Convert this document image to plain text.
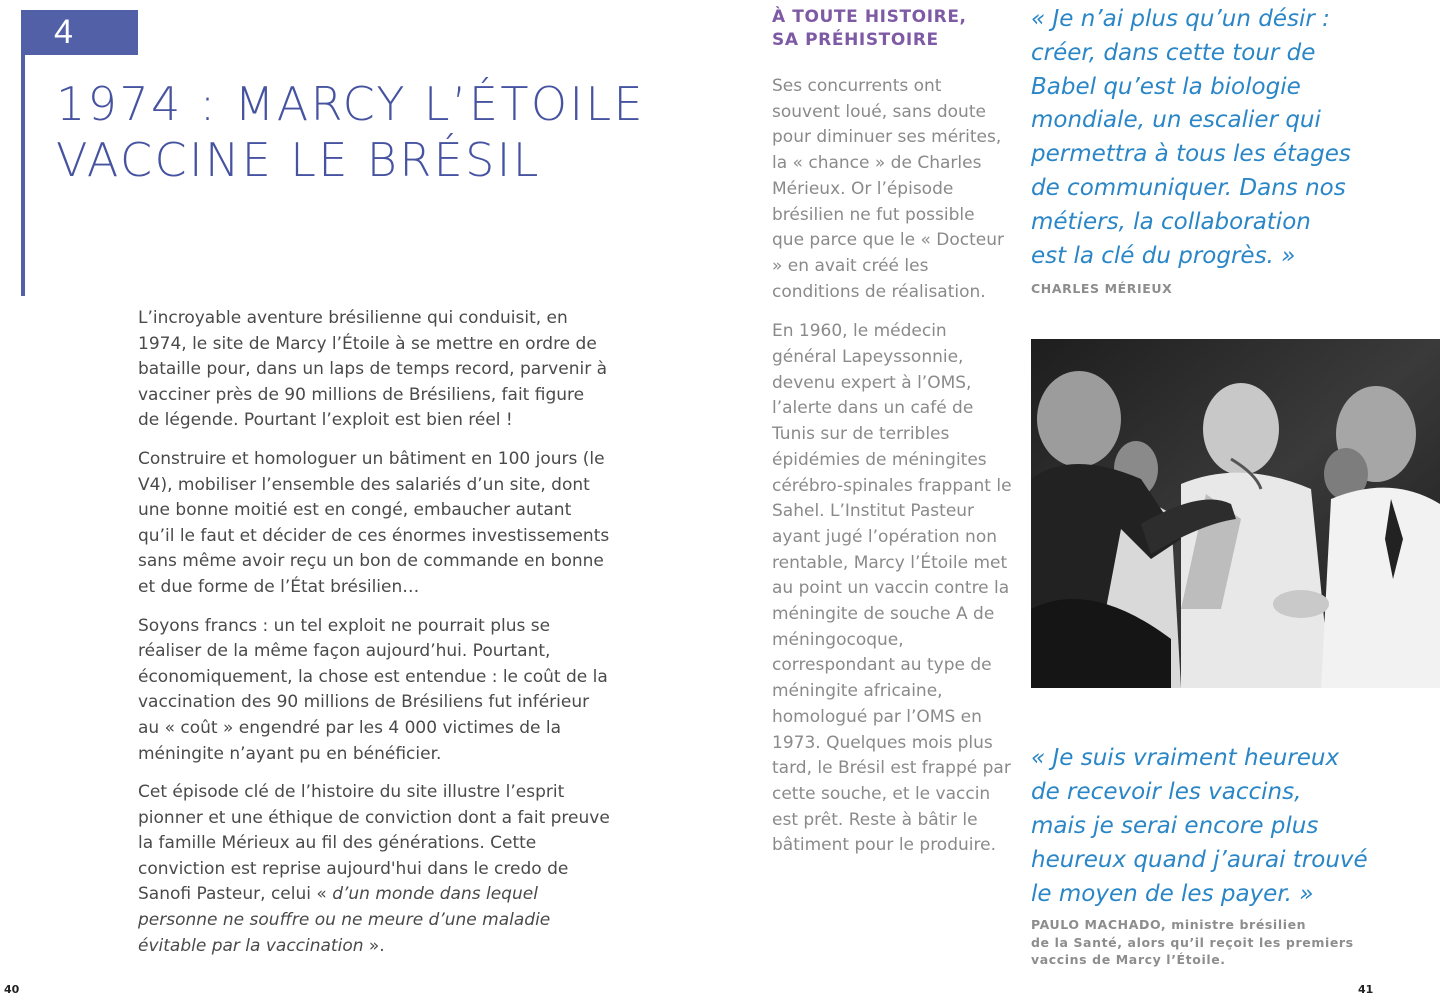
4
1974 : MARCY L’ÉTOILE
VACCINE LE BRÉSIL

L’incroyable aventure brésilienne qui conduisit, en 1974, le site de Marcy l’Étoile à se mettre en ordre de bataille pour, dans un laps de temps record, parvenir à vacciner près de 90 millions de Brésiliens, fait figure de légende. Pourtant l’exploit est bien réel !

Construire et homologuer un bâtiment en 100 jours (le V4), mobiliser l’ensemble des salariés d’un site, dont une bonne moitié est en congé, embaucher autant qu’il le faut et décider de ces énormes investissements sans même avoir reçu un bon de commande en bonne et due forme de l’État brésilien…

Soyons francs : un tel exploit ne pourrait plus se réaliser de la même façon aujourd’hui. Pourtant, économiquement, la chose est entendue : le coût de la vaccination des 90 millions de Brésiliens fut inférieur au « coût » engendré par les 4 000 victimes de la méningite n’ayant pu en bénéficier.

Cet épisode clé de l’histoire du site illustre l’esprit pionner et une éthique de conviction dont a fait preuve la famille Mérieux au fil des générations. Cette conviction est reprise aujourd'hui dans le credo de Sanofi Pasteur, celui « d’un monde dans lequel personne ne souffre ou ne meure d’une maladie évitable par la vaccination ».

À TOUTE HISTOIRE,
SA PRÉHISTOIRE

Ses concurrents ont souvent loué, sans doute pour diminuer ses mérites, la « chance » de Charles Mérieux. Or l’épisode brésilien ne fut possible que parce que le « Docteur » en avait créé les conditions de réalisation.

En 1960, le médecin général Lapeyssonnie, devenu expert à l’OMS, l’alerte dans un café de Tunis sur de terribles épidémies de méningites cérébro-spinales frappant le Sahel. L’Institut Pasteur ayant jugé l’opération non rentable, Marcy l’Étoile met au point un vaccin contre la méningite de souche A de méningocoque, correspondant au type de méningite africaine, homologué par l’OMS en 1973. Quelques mois plus tard, le Brésil est frappé par cette souche, et le vaccin est prêt. Reste à bâtir le bâtiment pour le produire.

« Je n’ai plus qu’un désir :
créer, dans cette tour de
Babel qu’est la biologie
mondiale, un escalier qui
permettra à tous les étages
de communiquer. Dans nos
métiers, la collaboration
est la clé du progrès. »
CHARLES MÉRIEUX
« Je suis vraiment heureux
de recevoir les vaccins,
mais je serai encore plus
heureux quand j’aurai trouvé
le moyen de les payer. »
PAULO MACHADO, ministre brésilien
de la Santé, alors qu’il reçoit les premiers
vaccins de Marcy l’Étoile.
40	41
